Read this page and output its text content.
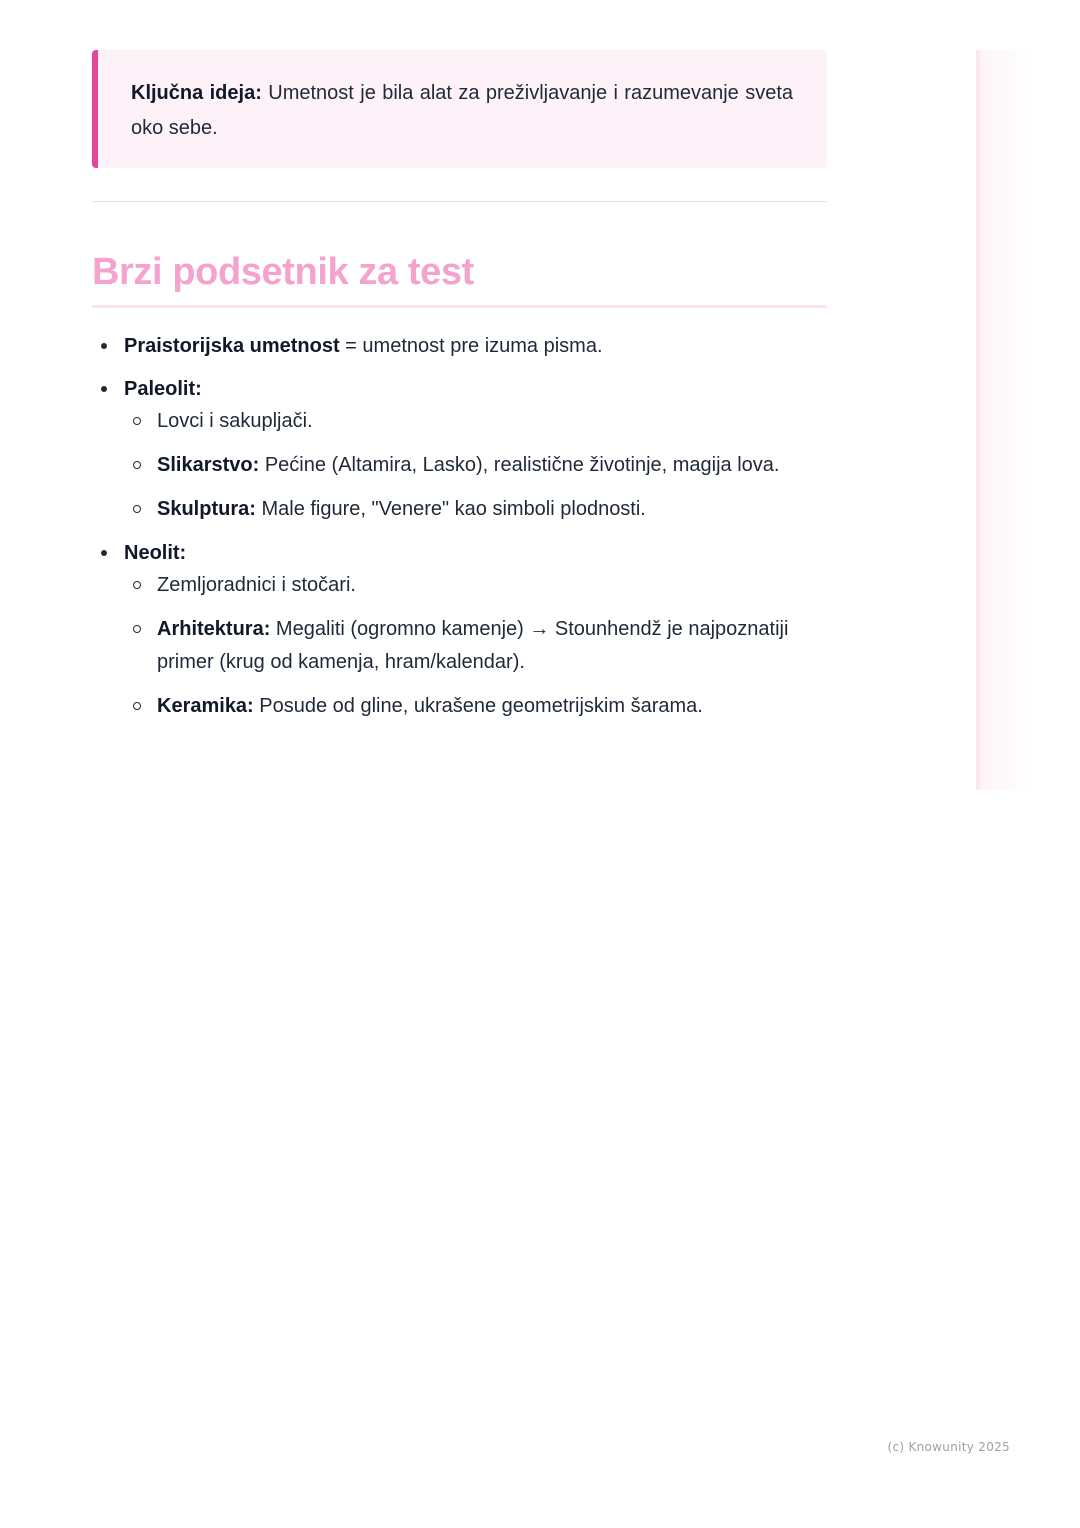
Ključna ideja: Umetnost je bila alat za preživljavanje i razumevanje sveta oko sebe.
Brzi podsetnik za test
Praistorijska umetnost = umetnost pre izuma pisma.
Paleolit:
Lovci i sakupljači.
Slikarstvo: Pećine (Altamira, Lasko), realistične životinje, magija lova.
Skulptura: Male figure, "Venere" kao simboli plodnosti.
Neolit:
Zemljoradnici i stočari.
Arhitektura: Megaliti (ogromno kamenje) → Stounhendž je najpoznatiji primer (krug od kamenja, hram/kalendar).
Keramika: Posude od gline, ukrašene geometrijskim šarama.
(c) Knowunity 2025
